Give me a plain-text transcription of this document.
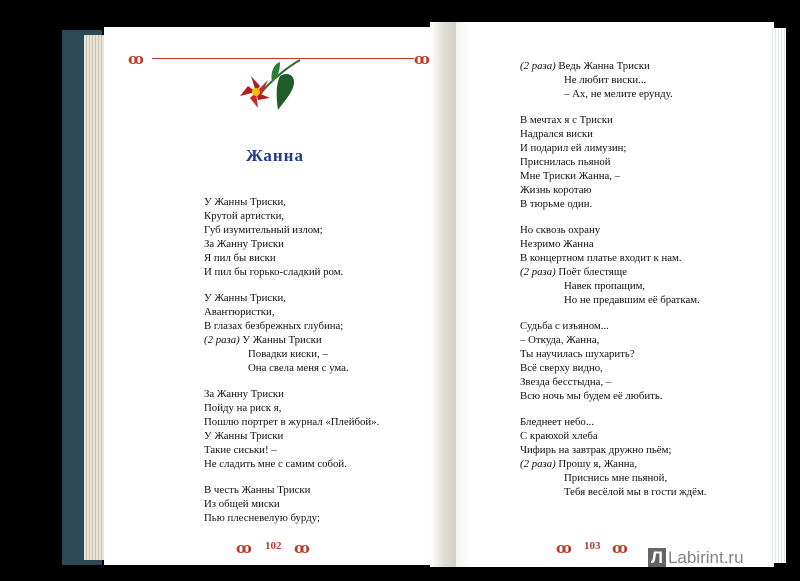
ꝏ	ꝏ
Жанна
У Жанны Триски,
Крутой артистки,
Губ изумительный излом;
За Жанну Триски
Я пил бы виски
И пил бы горько-сладкий ром.
У Жанны Триски,
Авантюристки,
В глазах безбрежных глубина;
(2 раза) У Жанны Триски
Повадки киски, –
Она свела меня с ума.
За Жанну Триски
Пойду на риск я,
Пошлю портрет в журнал «Плейбой».
У Жанны Триски
Такие сиськи! –
Не сладить мне с самим собой.
В честь Жанны Триски
Из общей миски
Пью плесневелую бурду;
(2 раза) Ведь Жанна Триски
Не любит виски...
– Ах, не мелите ерунду.
В мечтах я с Триски
Надрался виски
И подарил ей лимузин;
Приснилась пьяной
Мне Триски Жанна, –
Жизнь коротаю
В тюрьме один.
Но сквозь охрану
Незримо Жанна
В концертном платье входит к нам.
(2 раза) Поёт блестяще
Навек пропащим,
Но не предавшим её браткам.
Судьба с изъяном...
– Откуда, Жанна,
Ты научилась шухарить?
Всё сверху видно,
Звезда бесстыдна, –
Всю ночь мы будем её любить.
Бледнеет небо...
С краюхой хлеба
Чифирь на завтрак дружно пьём;
(2 раза) Прошу я, Жанна,
Приснись мне пьяной,
Тебя весёлой мы в гости ждём.
ꝏ 102 ꝏ	ꝏ 103 ꝏ Л Labirint.ru
